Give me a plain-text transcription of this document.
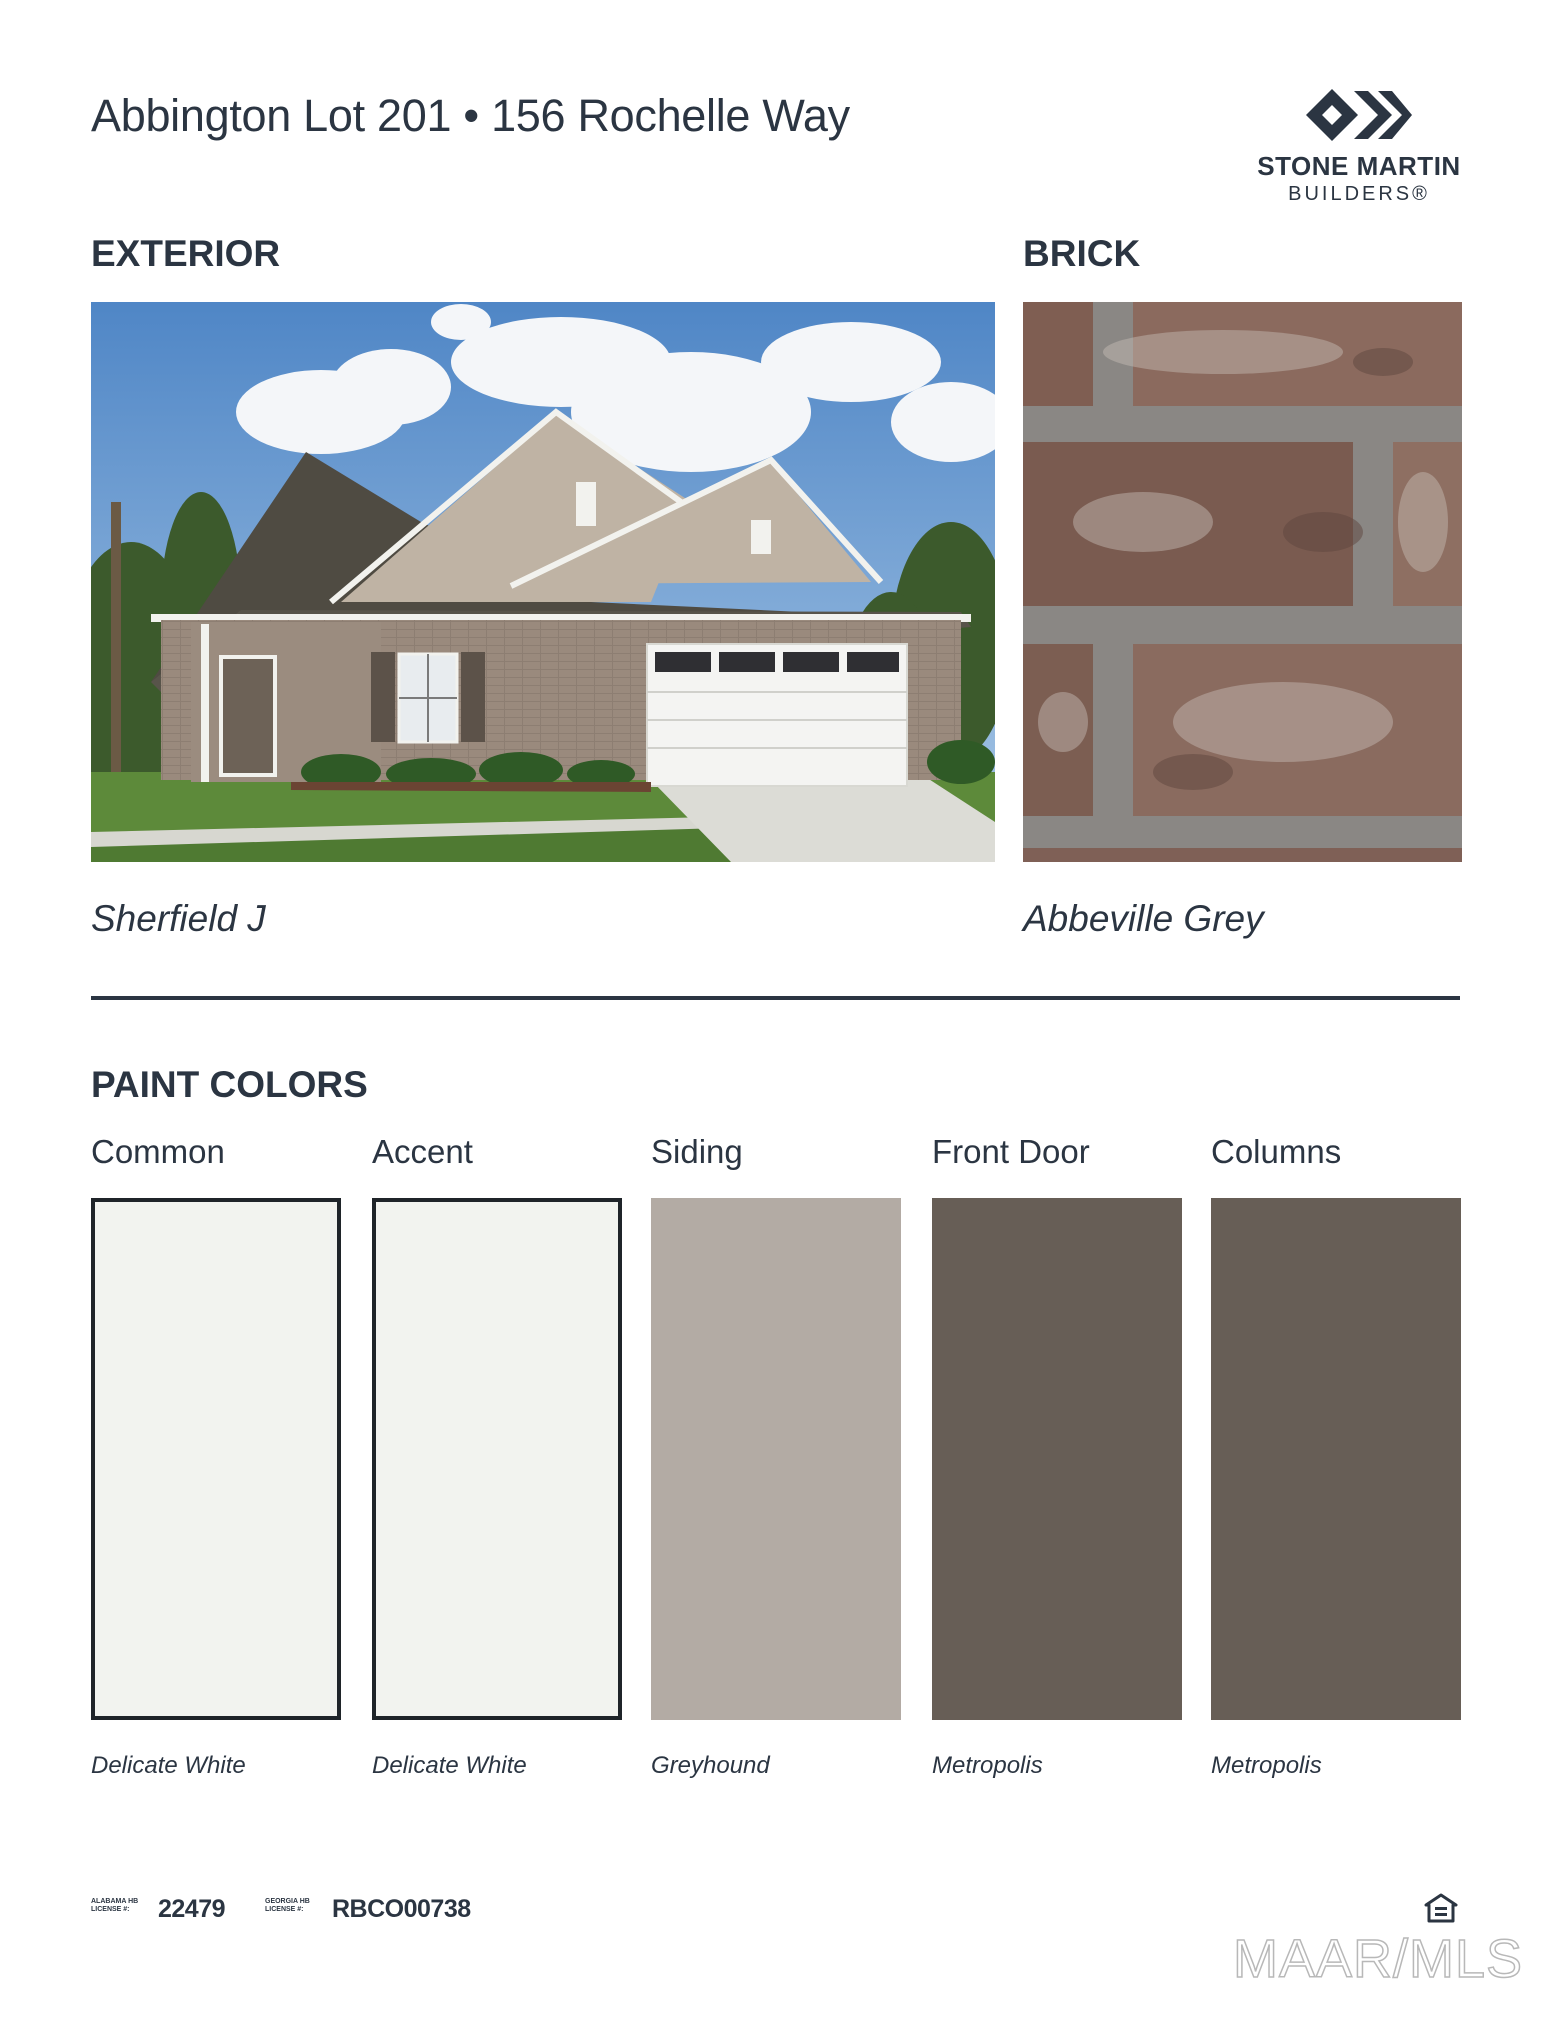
Abbington Lot 201 • 156 Rochelle Way
STONE MARTIN
BUILDERS®
EXTERIOR
Sherfield J
BRICK
Abbeville Grey
PAINT COLORS
Common	Accent	Siding	Front Door	Columns
Delicate White	Delicate White	Greyhound	Metropolis	Metropolis
ALABAMA HB
LICENSE #:	22479	GEORGIA HB
LICENSE #: RBCO00738
MAAR/MLS
